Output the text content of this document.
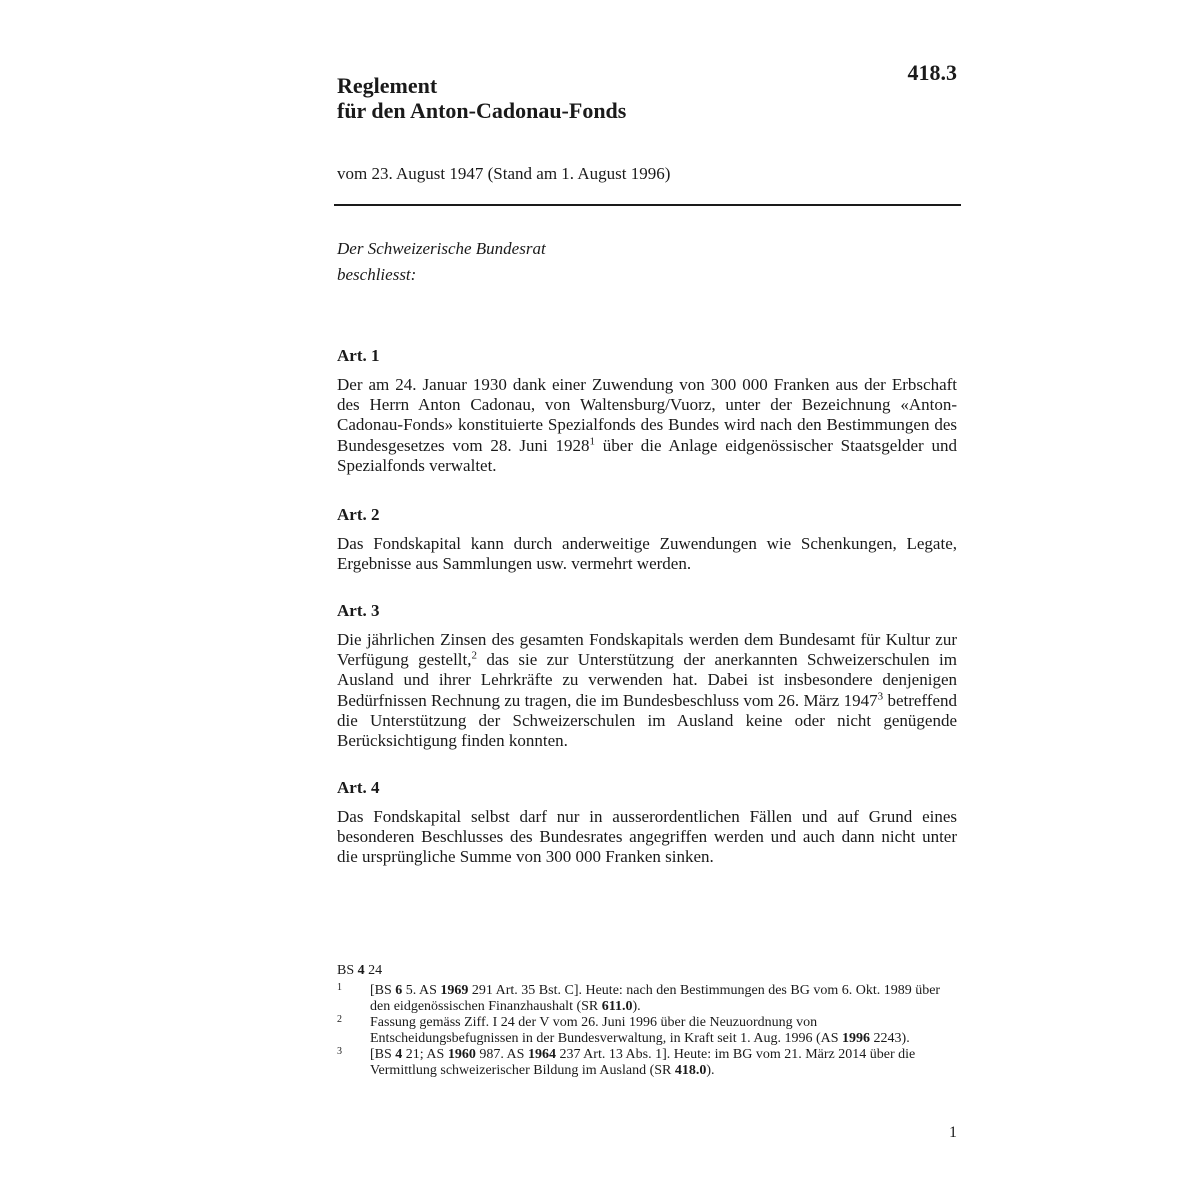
418.3
Reglement
für den Anton-Cadonau-Fonds
vom 23. August 1947 (Stand am 1. August 1996)
Der Schweizerische Bundesrat
beschliesst:
Art. 1

Der am 24. Januar 1930 dank einer Zuwendung von 300 000 Franken aus der Erbschaft des Herrn Anton Cadonau, von Waltensburg/Vuorz, unter der Bezeichnung «Anton-Cadonau-Fonds» konstituierte Spezialfonds des Bundes wird nach den Bestimmungen des Bundesgesetzes vom 28. Juni 1928$^1$ über die Anlage eidgenössischer Staatsgelder und Spezialfonds verwaltet.

Art. 2

Das Fondskapital kann durch anderweitige Zuwendungen wie Schenkungen, Legate, Ergebnisse aus Sammlungen usw. vermehrt werden.

Art. 3

Die jährlichen Zinsen des gesamten Fondskapitals werden dem Bundesamt für Kultur zur Verfügung gestellt,$^2$ das sie zur Unterstützung der anerkannten Schweizerschulen im Ausland und ihrer Lehrkräfte zu verwenden hat. Dabei ist insbesondere denjenigen Bedürfnissen Rechnung zu tragen, die im Bundesbeschluss vom 26. März 1947$^3$ betreffend die Unterstützung der Schweizerschulen im Ausland keine oder nicht genügende Berücksichtigung finden konnten.

Art. 4

Das Fondskapital selbst darf nur in ausserordentlichen Fällen und auf Grund eines besonderen Beschlusses des Bundesrates angegriffen werden und auch dann nicht unter die ursprüngliche Summe von 300 000 Franken sinken.

BS 4 24

1 [BS 6 5. AS 1969 291 Art. 35 Bst. C]. Heute: nach den Bestimmungen des BG vom 6. Okt. 1989 über den eidgenössischen Finanzhaushalt (SR 611.0).

2 Fassung gemäss Ziff. I 24 der V vom 26. Juni 1996 über die Neuzuordnung von Entscheidungsbefugnissen in der Bundesverwaltung, in Kraft seit 1. Aug. 1996 (AS 1996 2243).

3 [BS 4 21; AS 1960 987. AS 1964 237 Art. 13 Abs. 1]. Heute: im BG vom 21. März 2014 über die Vermittlung schweizerischer Bildung im Ausland (SR 418.0).

1
